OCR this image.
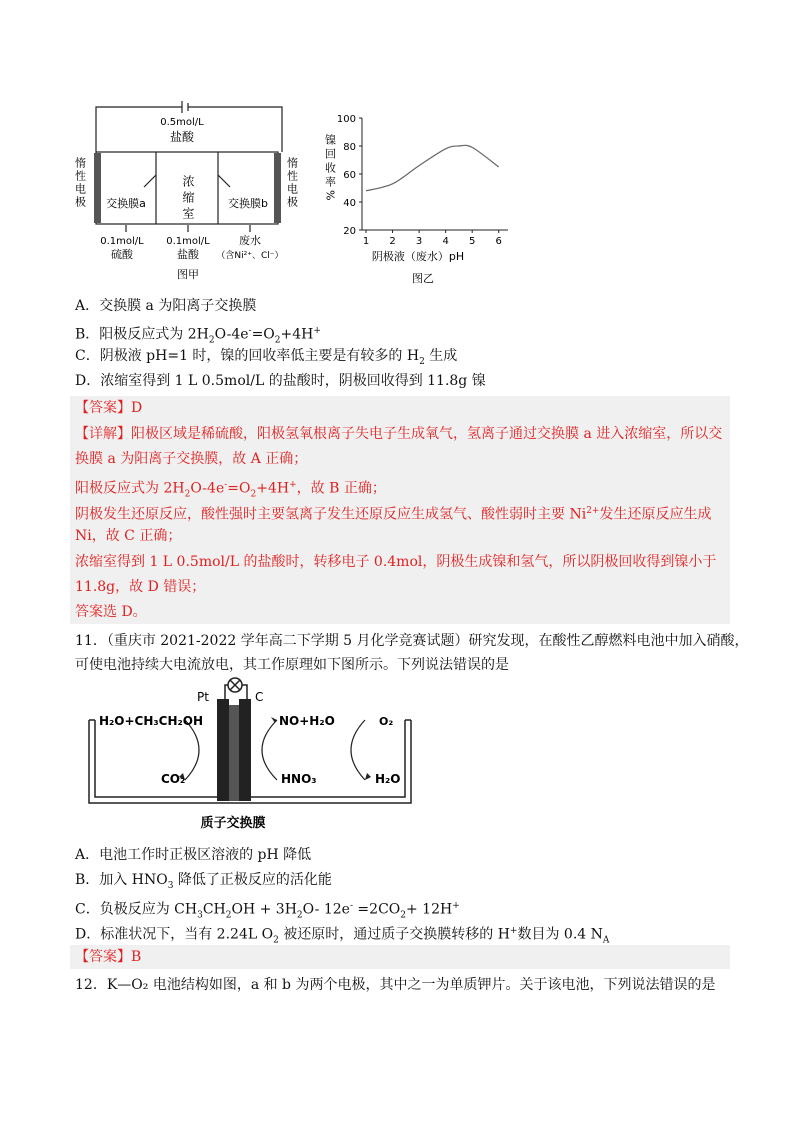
0.5mol/L
盐酸
交换膜a	交换膜b
浓缩室
惰性电极	惰性电极
0.1mol/L
硫酸
0.1mol/L
盐酸
废水
（含Ni²⁺、Cl⁻）
图甲
镍回收率%
100
80
60
40
20
1 2 3 4 5 6
阴极液（废水）pH
图乙
A．交换膜 a 为阳离子交换膜
B．阳极反应式为 $2H_2O-4e^-=O_2+4H^+$
C．阴极液 pH=1 时，镍的回收率低主要是有较多的 $H_2$ 生成
D．浓缩室得到 1 L 0.5mol/L 的盐酸时，阴极回收得到 11.8g 镍
【答案】D
【详解】阳极区域是稀硫酸，阳极氢氧根离子失电子生成氧气，氢离子通过交换膜 a 进入浓缩室，所以交
换膜 a 为阳离子交换膜，故 A 正确；
阳极反应式为 $2H_2O-4e^-=O_2+4H^+$，故 B 正确；
阴极发生还原反应，酸性强时主要氢离子发生还原反应生成氢气、酸性弱时主要 $Ni^{2+}$发生还原反应生成
Ni，故 C 正确；
浓缩室得到 1 L 0.5mol/L 的盐酸时，转移电子 0.4mol，阴极生成镍和氢气，所以阴极回收得到镍小于
11.8g，故 D 错误；
答案选 D。
11．（重庆市 2021-2022 学年高二下学期 5 月化学竞赛试题）研究发现，在酸性乙醇燃料电池中加入硝酸，
可使电池持续大电流放电，其工作原理如下图所示。下列说法错误的是
Pt	C
H₂O+CH₃CH₂OH
CO₂
NO+H₂O
HNO₃
O₂
H₂O
质子交换膜
A．电池工作时正极区溶液的 pH 降低
B．加入 $HNO_3$ 降低了正极反应的活化能
C．负极反应为 $CH_3CH_2OH + 3H_2O-$ $12e^- =2CO_2+ 12H^+$
D．标准状况下，当有 2.24L $O_2$ 被还原时，通过质子交换膜转移的 H+数目为 0.4 $N_A$
【答案】B
12．K—O₂ 电池结构如图，a 和 b 为两个电极，其中之一为单质钾片。关于该电池，下列说法错误的是
